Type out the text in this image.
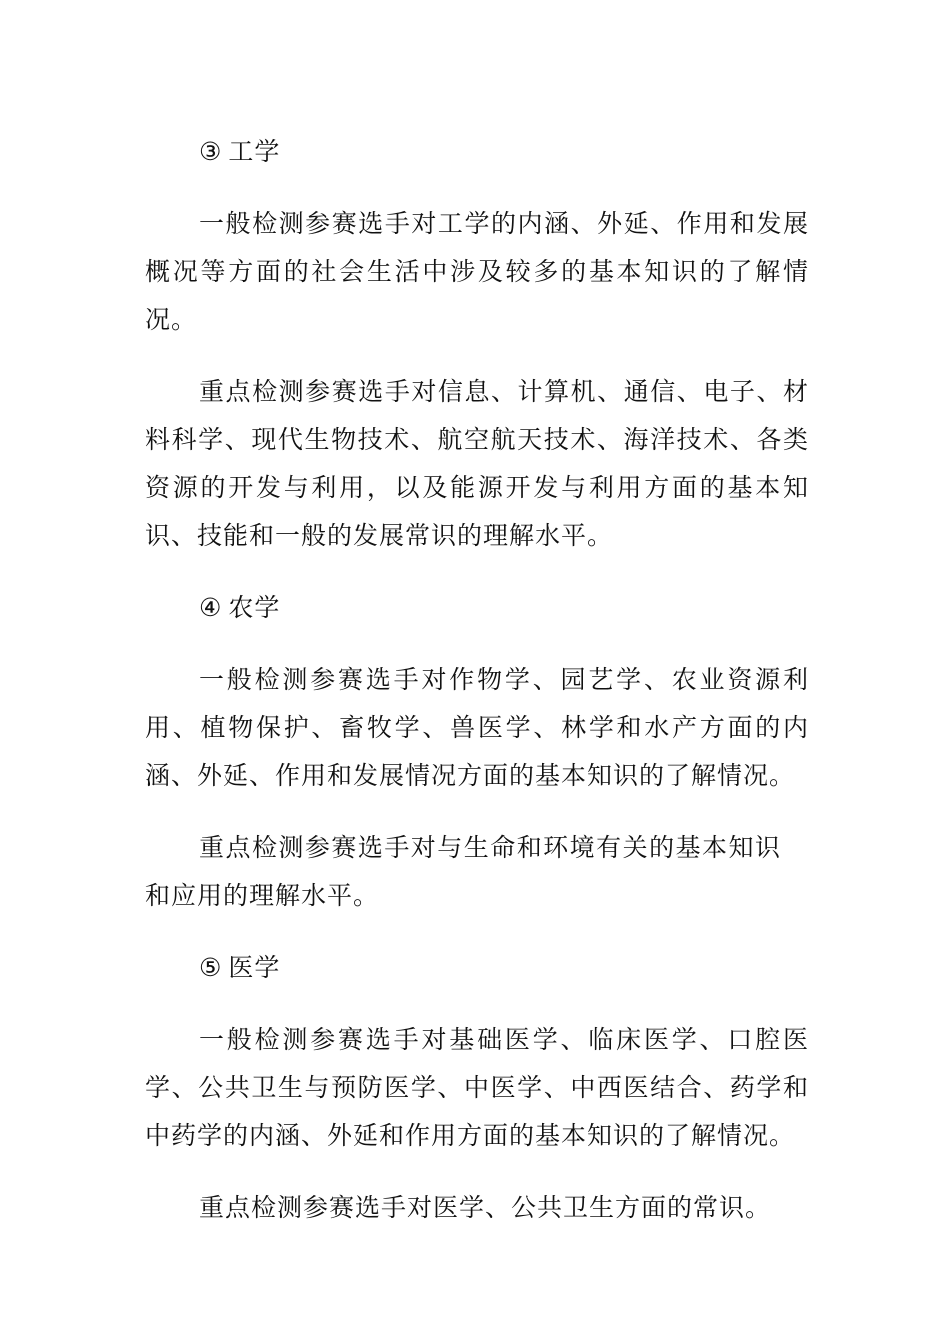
③ 工学

一般检测参赛选手对工学的内涵、外延、作用和发展概况等方面的社会生活中涉及较多的基本知识的了解情况。

重点检测参赛选手对信息、计算机、通信、电子、材料科学、现代生物技术、航空航天技术、海洋技术、各类资源的开发与利用，以及能源开发与利用方面的基本知识、技能和一般的发展常识的理解水平。

④ 农学

一般检测参赛选手对作物学、园艺学、农业资源利用、植物保护、畜牧学、兽医学、林学和水产方面的内涵、外延、作用和发展情况方面的基本知识的了解情况。

重点检测参赛选手对与生命和环境有关的基本知识和应用的理解水平。

⑤ 医学

一般检测参赛选手对基础医学、临床医学、口腔医学、公共卫生与预防医学、中医学、中西医结合、药学和中药学的内涵、外延和作用方面的基本知识的了解情况。

重点检测参赛选手对医学、公共卫生方面的常识。
